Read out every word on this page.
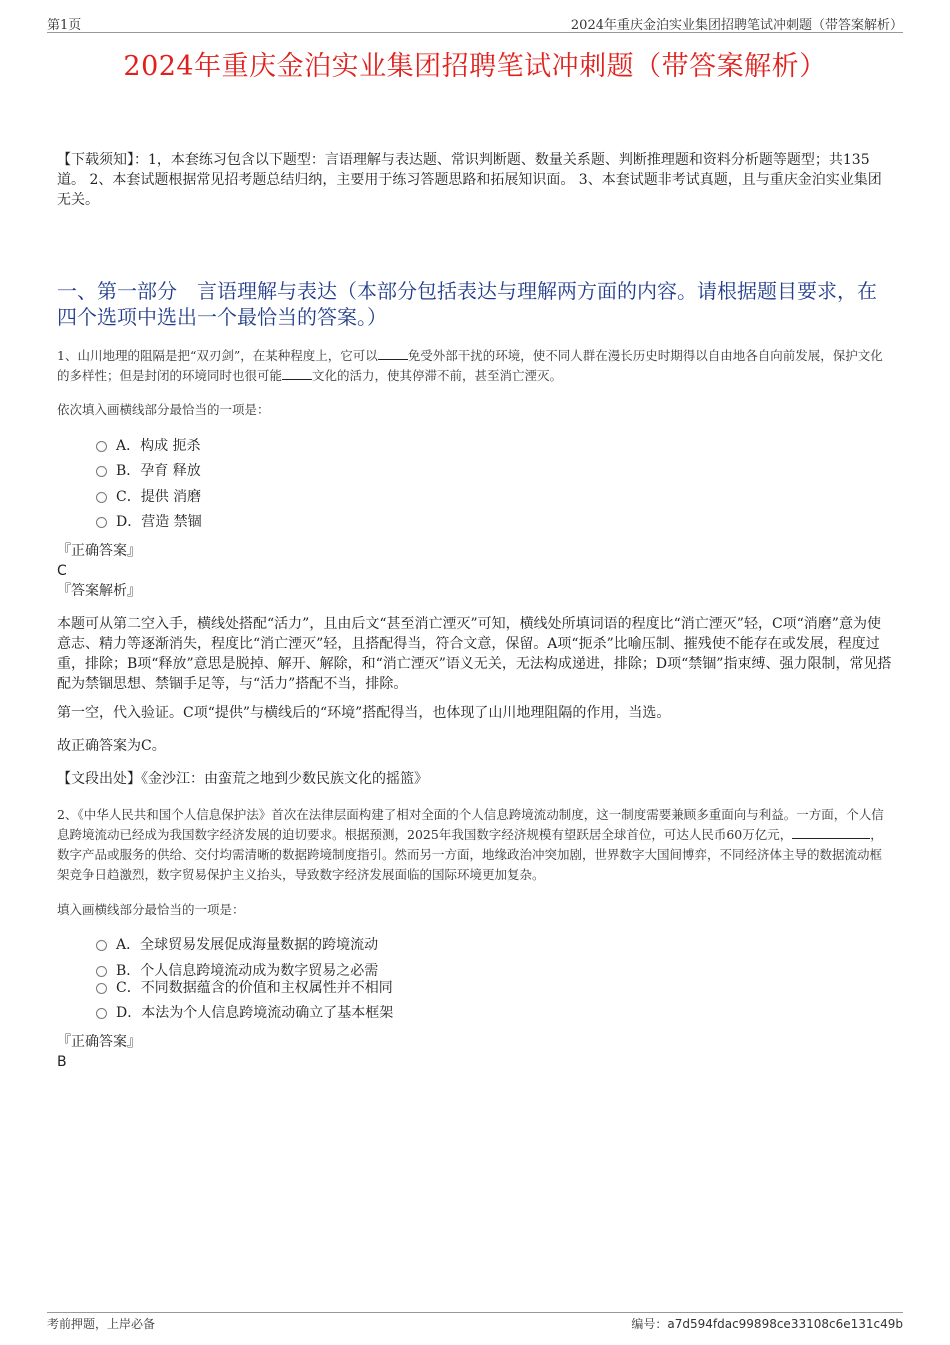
第1页	2024年重庆金泊实业集团招聘笔试冲刺题（带答案解析）
2024年重庆金泊实业集团招聘笔试冲刺题（带答案解析）
【下载须知】：1，本套练习包含以下题型：言语理解与表达题、常识判断题、数量关系题、判断推理题和资料分析题等题型；共135道。 2、本套试题根据常见招考题总结归纳，主要用于练习答题思路和拓展知识面。 3、本套试题非考试真题，且与重庆金泊实业集团无关。
一、第一部分　言语理解与表达（本部分包括表达与理解两方面的内容。请根据题目要求，在四个选项中选出一个最恰当的答案。）
1、山川地理的阻隔是把“双刃剑”，在某种程度上，它可以 免受外部干扰的环境，使不同人群在漫长历史时期得以自由地各自向前发展，保护文化的多样性；但是封闭的环境同时也很可能 文化的活力，使其停滞不前，甚至消亡湮灭。
依次填入画横线部分最恰当的一项是：
A．构成 扼杀
B．孕育 释放
C．提供 消磨
D．营造 禁锢
『正确答案』
C
『答案解析』
本题可从第二空入手，横线处搭配“活力”，且由后文“甚至消亡湮灭”可知，横线处所填词语的程度比“消亡湮灭”轻，C项“消磨”意为使意志、精力等逐渐消失，程度比“消亡湮灭”轻，且搭配得当，符合文意，保留。A项“扼杀”比喻压制、摧残使不能存在或发展，程度过重，排除；B项“释放”意思是脱掉、解开、解除，和“消亡湮灭”语义无关，无法构成递进，排除；D项“禁锢”指束缚、强力限制，常见搭配为禁锢思想、禁锢手足等，与“活力”搭配不当，排除。
第一空，代入验证。C项“提供”与横线后的“环境”搭配得当，也体现了山川地理阻隔的作用，当选。
故正确答案为C。
【文段出处】《金沙江：由蛮荒之地到少数民族文化的摇篮》
2、《中华人民共和国个人信息保护法》首次在法律层面构建了相对全面的个人信息跨境流动制度，这一制度需要兼顾多重面向与利益。一方面，个人信息跨境流动已经成为我国数字经济发展的迫切要求。根据预测，2025年我国数字经济规模有望跃居全球首位，可达人民币60万亿元，	，数字产品或服务的供给、交付均需清晰的数据跨境制度指引。然而另一方面，地缘政治冲突加剧，世界数字大国间博弈，不同经济体主导的数据流动框架竞争日趋激烈，数字贸易保护主义抬头，导致数字经济发展面临的国际环境更加复杂。
填入画横线部分最恰当的一项是：
A．全球贸易发展促成海量数据的跨境流动
B．个人信息跨境流动成为数字贸易之必需
C．不同数据蕴含的价值和主权属性并不相同
D．本法为个人信息跨境流动确立了基本框架
『正确答案』
B
考前押题，上岸必备	编号：a7d594fdac99898ce33108c6e131c49b
